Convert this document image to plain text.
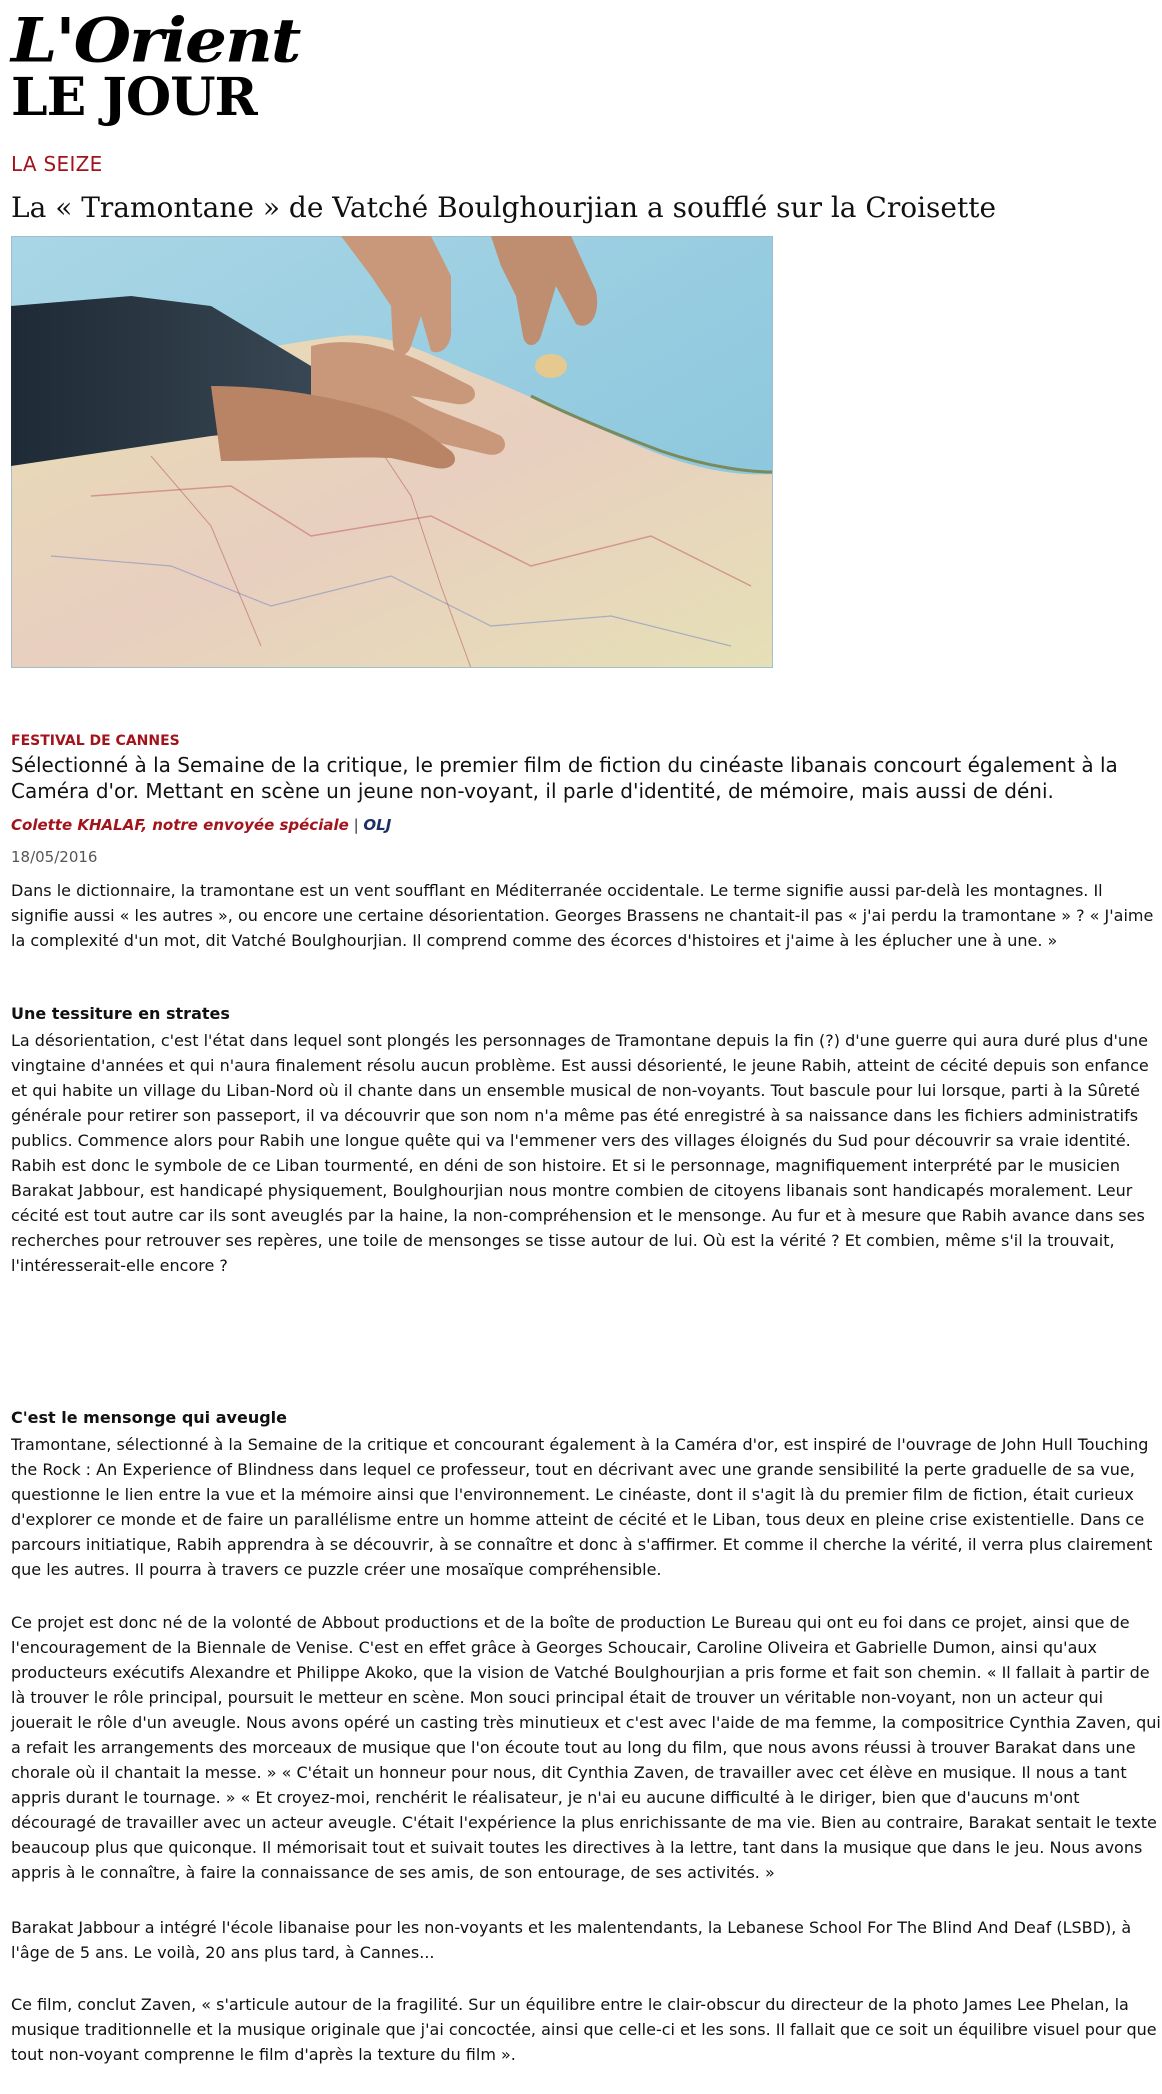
L'Orient
LE JOUR
LA SEIZE
La « Tramontane » de Vatché Boulghourjian a soufflé sur la Croisette
FESTIVAL DE CANNES
Sélectionné à la Semaine de la critique, le premier film de fiction du cinéaste libanais concourt également à la Caméra d'or. Mettant en scène un jeune non-voyant, il parle d'identité, de mémoire, mais aussi de déni.
Colette KHALAF, notre envoyée spéciale | OLJ
18/05/2016

Dans le dictionnaire, la tramontane est un vent soufflant en Méditerranée occidentale. Le terme signifie aussi par-delà les montagnes. Il signifie aussi « les autres », ou encore une certaine désorientation. Georges Brassens ne chantait-il pas « j'ai perdu la tramontane » ? « J'aime la complexité d'un mot, dit Vatché Boulghourjian. Il comprend comme des écorces d'histoires et j'aime à les éplucher une à une. »

Une tessiture en strates

La désorientation, c'est l'état dans lequel sont plongés les personnages de Tramontane depuis la fin (?) d'une guerre qui aura duré plus d'une vingtaine d'années et qui n'aura finalement résolu aucun problème. Est aussi désorienté, le jeune Rabih, atteint de cécité depuis son enfance et qui habite un village du Liban-Nord où il chante dans un ensemble musical de non-voyants. Tout bascule pour lui lorsque, parti à la Sûreté générale pour retirer son passeport, il va découvrir que son nom n'a même pas été enregistré à sa naissance dans les fichiers administratifs publics. Commence alors pour Rabih une longue quête qui va l'emmener vers des villages éloignés du Sud pour découvrir sa vraie identité. Rabih est donc le symbole de ce Liban tourmenté, en déni de son histoire. Et si le personnage, magnifiquement interprété par le musicien Barakat Jabbour, est handicapé physiquement, Boulghourjian nous montre combien de citoyens libanais sont handicapés moralement. Leur cécité est tout autre car ils sont aveuglés par la haine, la non-compréhension et le mensonge. Au fur et à mesure que Rabih avance dans ses recherches pour retrouver ses repères, une toile de mensonges se tisse autour de lui. Où est la vérité ? Et combien, même s'il la trouvait, l'intéresserait-elle encore ?

C'est le mensonge qui aveugle

Tramontane, sélectionné à la Semaine de la critique et concourant également à la Caméra d'or, est inspiré de l'ouvrage de John Hull Touching the Rock : An Experience of Blindness dans lequel ce professeur, tout en décrivant avec une grande sensibilité la perte graduelle de sa vue, questionne le lien entre la vue et la mémoire ainsi que l'environnement. Le cinéaste, dont il s'agit là du premier film de fiction, était curieux d'explorer ce monde et de faire un parallélisme entre un homme atteint de cécité et le Liban, tous deux en pleine crise existentielle. Dans ce parcours initiatique, Rabih apprendra à se découvrir, à se connaître et donc à s'affirmer. Et comme il cherche la vérité, il verra plus clairement que les autres. Il pourra à travers ce puzzle créer une mosaïque compréhensible.

Ce projet est donc né de la volonté de Abbout productions et de la boîte de production Le Bureau qui ont eu foi dans ce projet, ainsi que de l'encouragement de la Biennale de Venise. C'est en effet grâce à Georges Schoucair, Caroline Oliveira et Gabrielle Dumon, ainsi qu'aux producteurs exécutifs Alexandre et Philippe Akoko, que la vision de Vatché Boulghourjian a pris forme et fait son chemin. « Il fallait à partir de là trouver le rôle principal, poursuit le metteur en scène. Mon souci principal était de trouver un véritable non-voyant, non un acteur qui jouerait le rôle d'un aveugle. Nous avons opéré un casting très minutieux et c'est avec l'aide de ma femme, la compositrice Cynthia Zaven, qui a refait les arrangements des morceaux de musique que l'on écoute tout au long du film, que nous avons réussi à trouver Barakat dans une chorale où il chantait la messe. » « C'était un honneur pour nous, dit Cynthia Zaven, de travailler avec cet élève en musique. Il nous a tant appris durant le tournage. » « Et croyez-moi, renchérit le réalisateur, je n'ai eu aucune difficulté à le diriger, bien que d'aucuns m'ont découragé de travailler avec un acteur aveugle. C'était l'expérience la plus enrichissante de ma vie. Bien au contraire, Barakat sentait le texte beaucoup plus que quiconque. Il mémorisait tout et suivait toutes les directives à la lettre, tant dans la musique que dans le jeu. Nous avons appris à le connaître, à faire la connaissance de ses amis, de son entourage, de ses activités. »

Barakat Jabbour a intégré l'école libanaise pour les non-voyants et les malentendants, la Lebanese School For The Blind And Deaf (LSBD), à l'âge de 5 ans. Le voilà, 20 ans plus tard, à Cannes...

Ce film, conclut Zaven, « s'articule autour de la fragilité. Sur un équilibre entre le clair-obscur du directeur de la photo James Lee Phelan, la musique traditionnelle et la musique originale que j'ai concoctée, ainsi que celle-ci et les sons. Il fallait que ce soit un équilibre visuel pour que tout non-voyant comprenne le film d'après la texture du film ».
